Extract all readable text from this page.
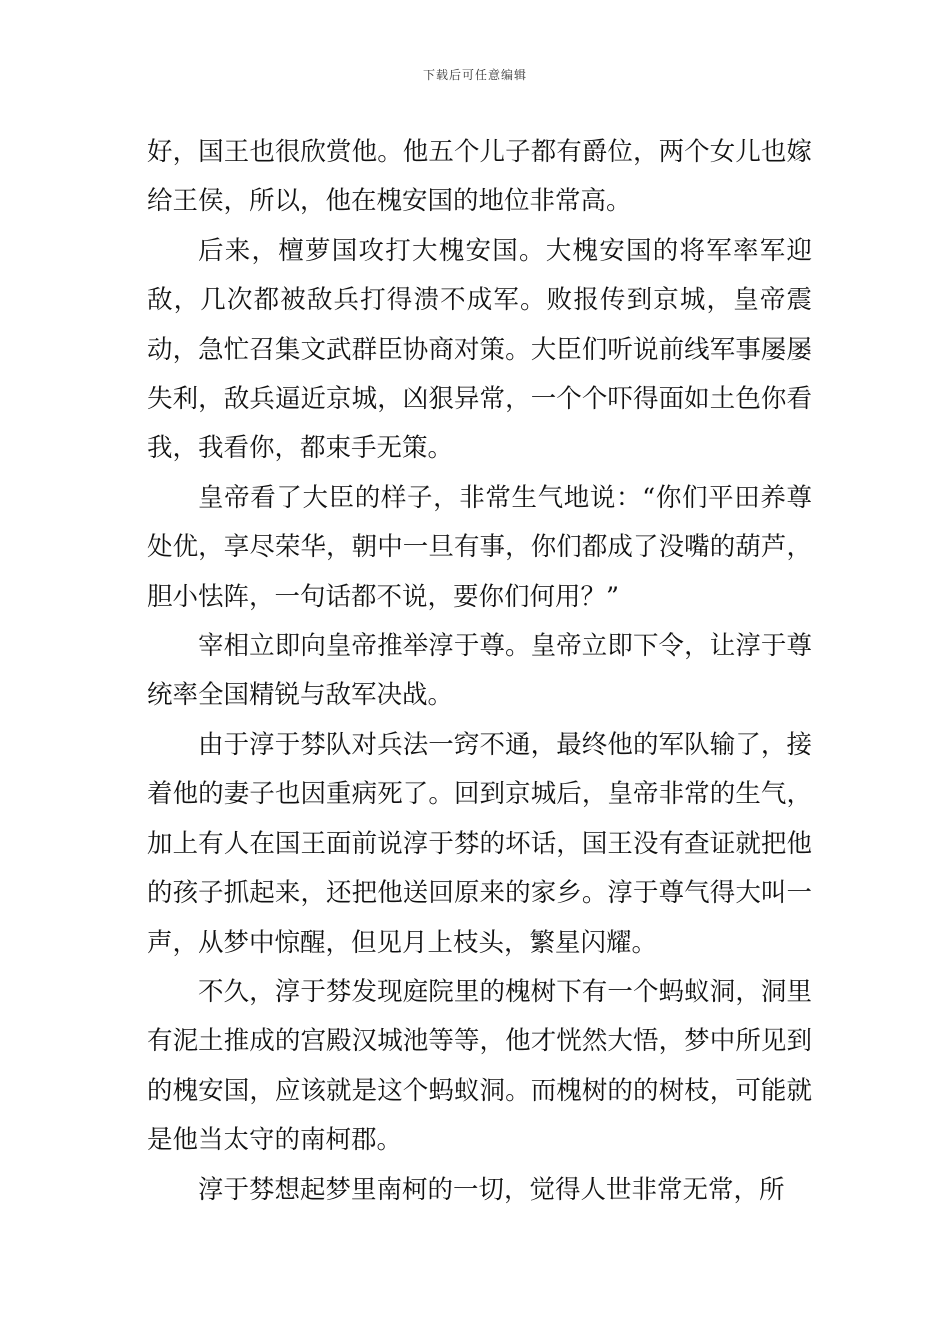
下载后可任意编辑

好，国王也很欣赏他。他五个儿子都有爵位，两个女儿也嫁给王侯，所以，他在槐安国的地位非常高。

后来，檀萝国攻打大槐安国。大槐安国的将军率军迎敌，几次都被敌兵打得溃不成军。败报传到京城，皇帝震动，急忙召集文武群臣协商对策。大臣们听说前线军事屡屡失利，敌兵逼近京城，凶狠异常，一个个吓得面如土色你看我，我看你，都束手无策。

皇帝看了大臣的样子，非常生气地说：“你们平田养尊处优，享尽荣华，朝中一旦有事，你们都成了没嘴的葫芦，胆小怯阵，一句话都不说，要你们何用？”

宰相立即向皇帝推举淳于尊。皇帝立即下令，让淳于尊统率全国精锐与敌军决战。

由于淳于棼队对兵法一窍不通，最终他的军队输了，接着他的妻子也因重病死了。回到京城后，皇帝非常的生气，加上有人在国王面前说淳于棼的坏话，国王没有查证就把他的孩子抓起来，还把他送回原来的家乡。淳于尊气得大叫一声，从梦中惊醒，但见月上枝头，繁星闪耀。

不久，淳于棼发现庭院里的槐树下有一个蚂蚁洞，洞里有泥土推成的宫殿汉城池等等，他才恍然大悟，梦中所见到的槐安国，应该就是这个蚂蚁洞。而槐树的的树枝，可能就是他当太守的南柯郡。

淳于棼想起梦里南柯的一切，觉得人世非常无常，所
